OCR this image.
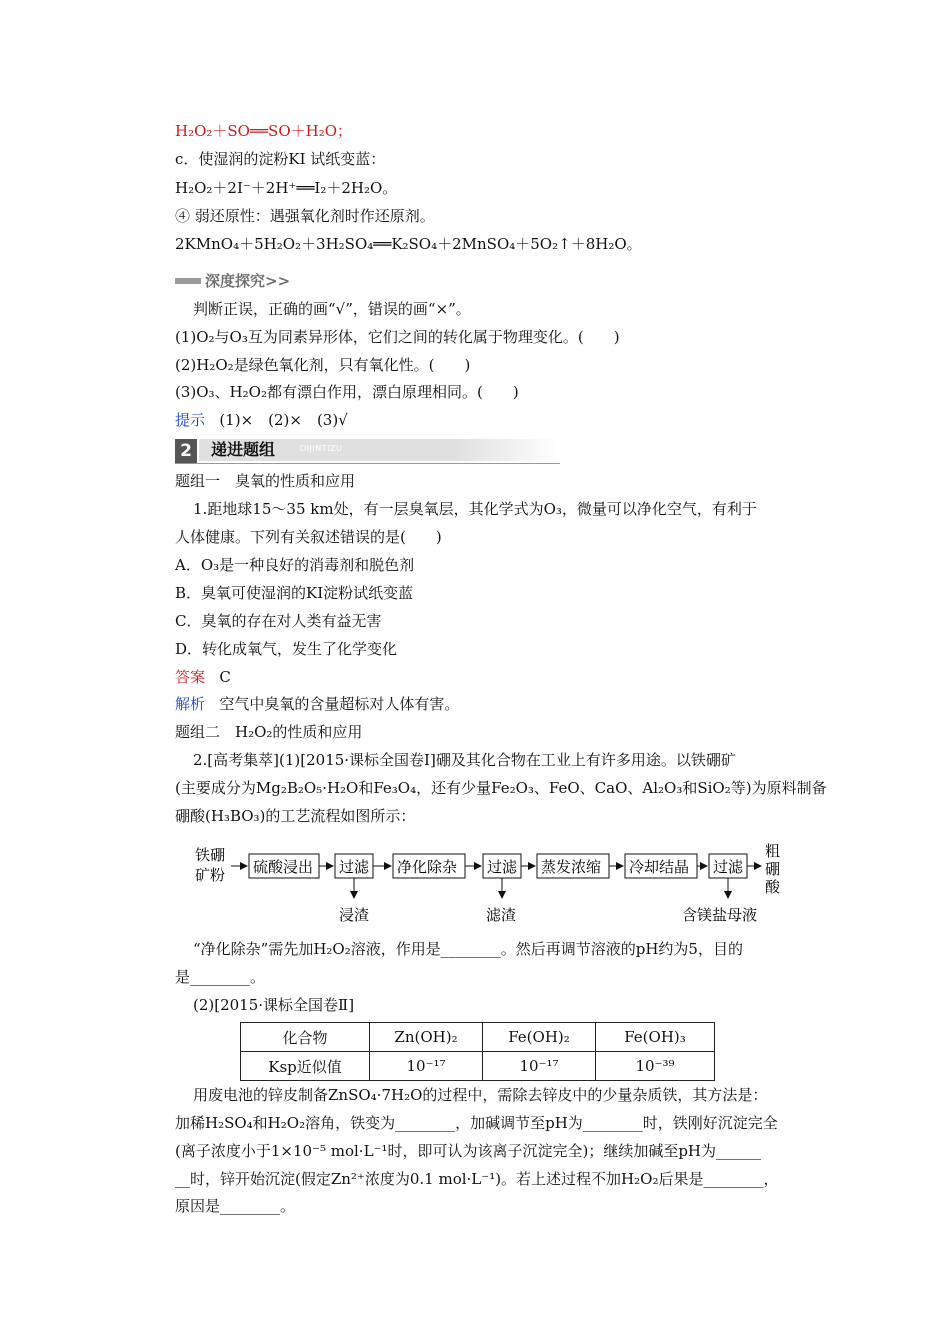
H₂O₂＋SO══SO＋H₂O；
c．使湿润的淀粉KI 试纸变蓝：
H₂O₂＋2I⁻＋2H⁺══I₂＋2H₂O。
④ 弱还原性：遇强氧化剂时作还原剂。
2KMnO₄＋5H₂O₂＋3H₂SO₄══K₂SO₄＋2MnSO₄＋5O₂↑＋8H₂O。
深度探究>>
判断正误，正确的画“√”，错误的画“×”。
(1)O₂与O₃互为同素异形体，它们之间的转化属于物理变化。(　　)
(2)H₂O₂是绿色氧化剂，只有氧化性。(　　)
(3)O₃、H₂O₂都有漂白作用，漂白原理相同。(　　)
提示 (1)×　(2)×　(3)√
2	递进题组	DIJINTIZU
题组一　臭氧的性质和应用
1.距地球15～35 km处，有一层臭氧层，其化学式为O₃，微量可以净化空气，有利于
人体健康。下列有关叙述错误的是(　　)
A．O₃是一种良好的消毒剂和脱色剂
B．臭氧可使湿润的KI淀粉试纸变蓝
C．臭氧的存在对人类有益无害
D．转化成氧气，发生了化学变化
答案 C
解析 空气中臭氧的含量超标对人体有害。
题组二　H₂O₂的性质和应用
2.[高考集萃](1)[2015·课标全国卷Ⅰ]硼及其化合物在工业上有许多用途。以铁硼矿
(主要成分为Mg₂B₂O₅·H₂O和Fe₃O₄，还有少量Fe₂O₃、FeO、CaO、Al₂O₃和SiO₂等)为原料制备
硼酸(H₃BO₃)的工艺流程如图所示：
铁硼
矿粉 硫酸浸出 过滤 净化除杂 过滤 蒸发浓缩 冷却结晶 过滤
粗
硼
酸
浸渣	滤渣	含镁盐母液
“净化除杂”需先加H₂O₂溶液，作用是________。然后再调节溶液的pH约为5，目的
是________。
(2)[2015·课标全国卷Ⅱ]
化合物	Zn(OH)₂	Fe(OH)₂	Fe(OH)₃
Ksp近似值	10⁻¹⁷	10⁻¹⁷	10⁻³⁹
用废电池的锌皮制备ZnSO₄·7H₂O的过程中，需除去锌皮中的少量杂质铁，其方法是：
加稀H₂SO₄和H₂O₂溶角，铁变为________，加碱调节至pH为________时，铁刚好沉淀完全
(离子浓度小于1×10⁻⁵ mol·L⁻¹时，即可认为该离子沉淀完全)；继续加碱至pH为______
__时，锌开始沉淀(假定Zn²⁺浓度为0.1 mol·L⁻¹)。若上述过程不加H₂O₂后果是________，
原因是________。
